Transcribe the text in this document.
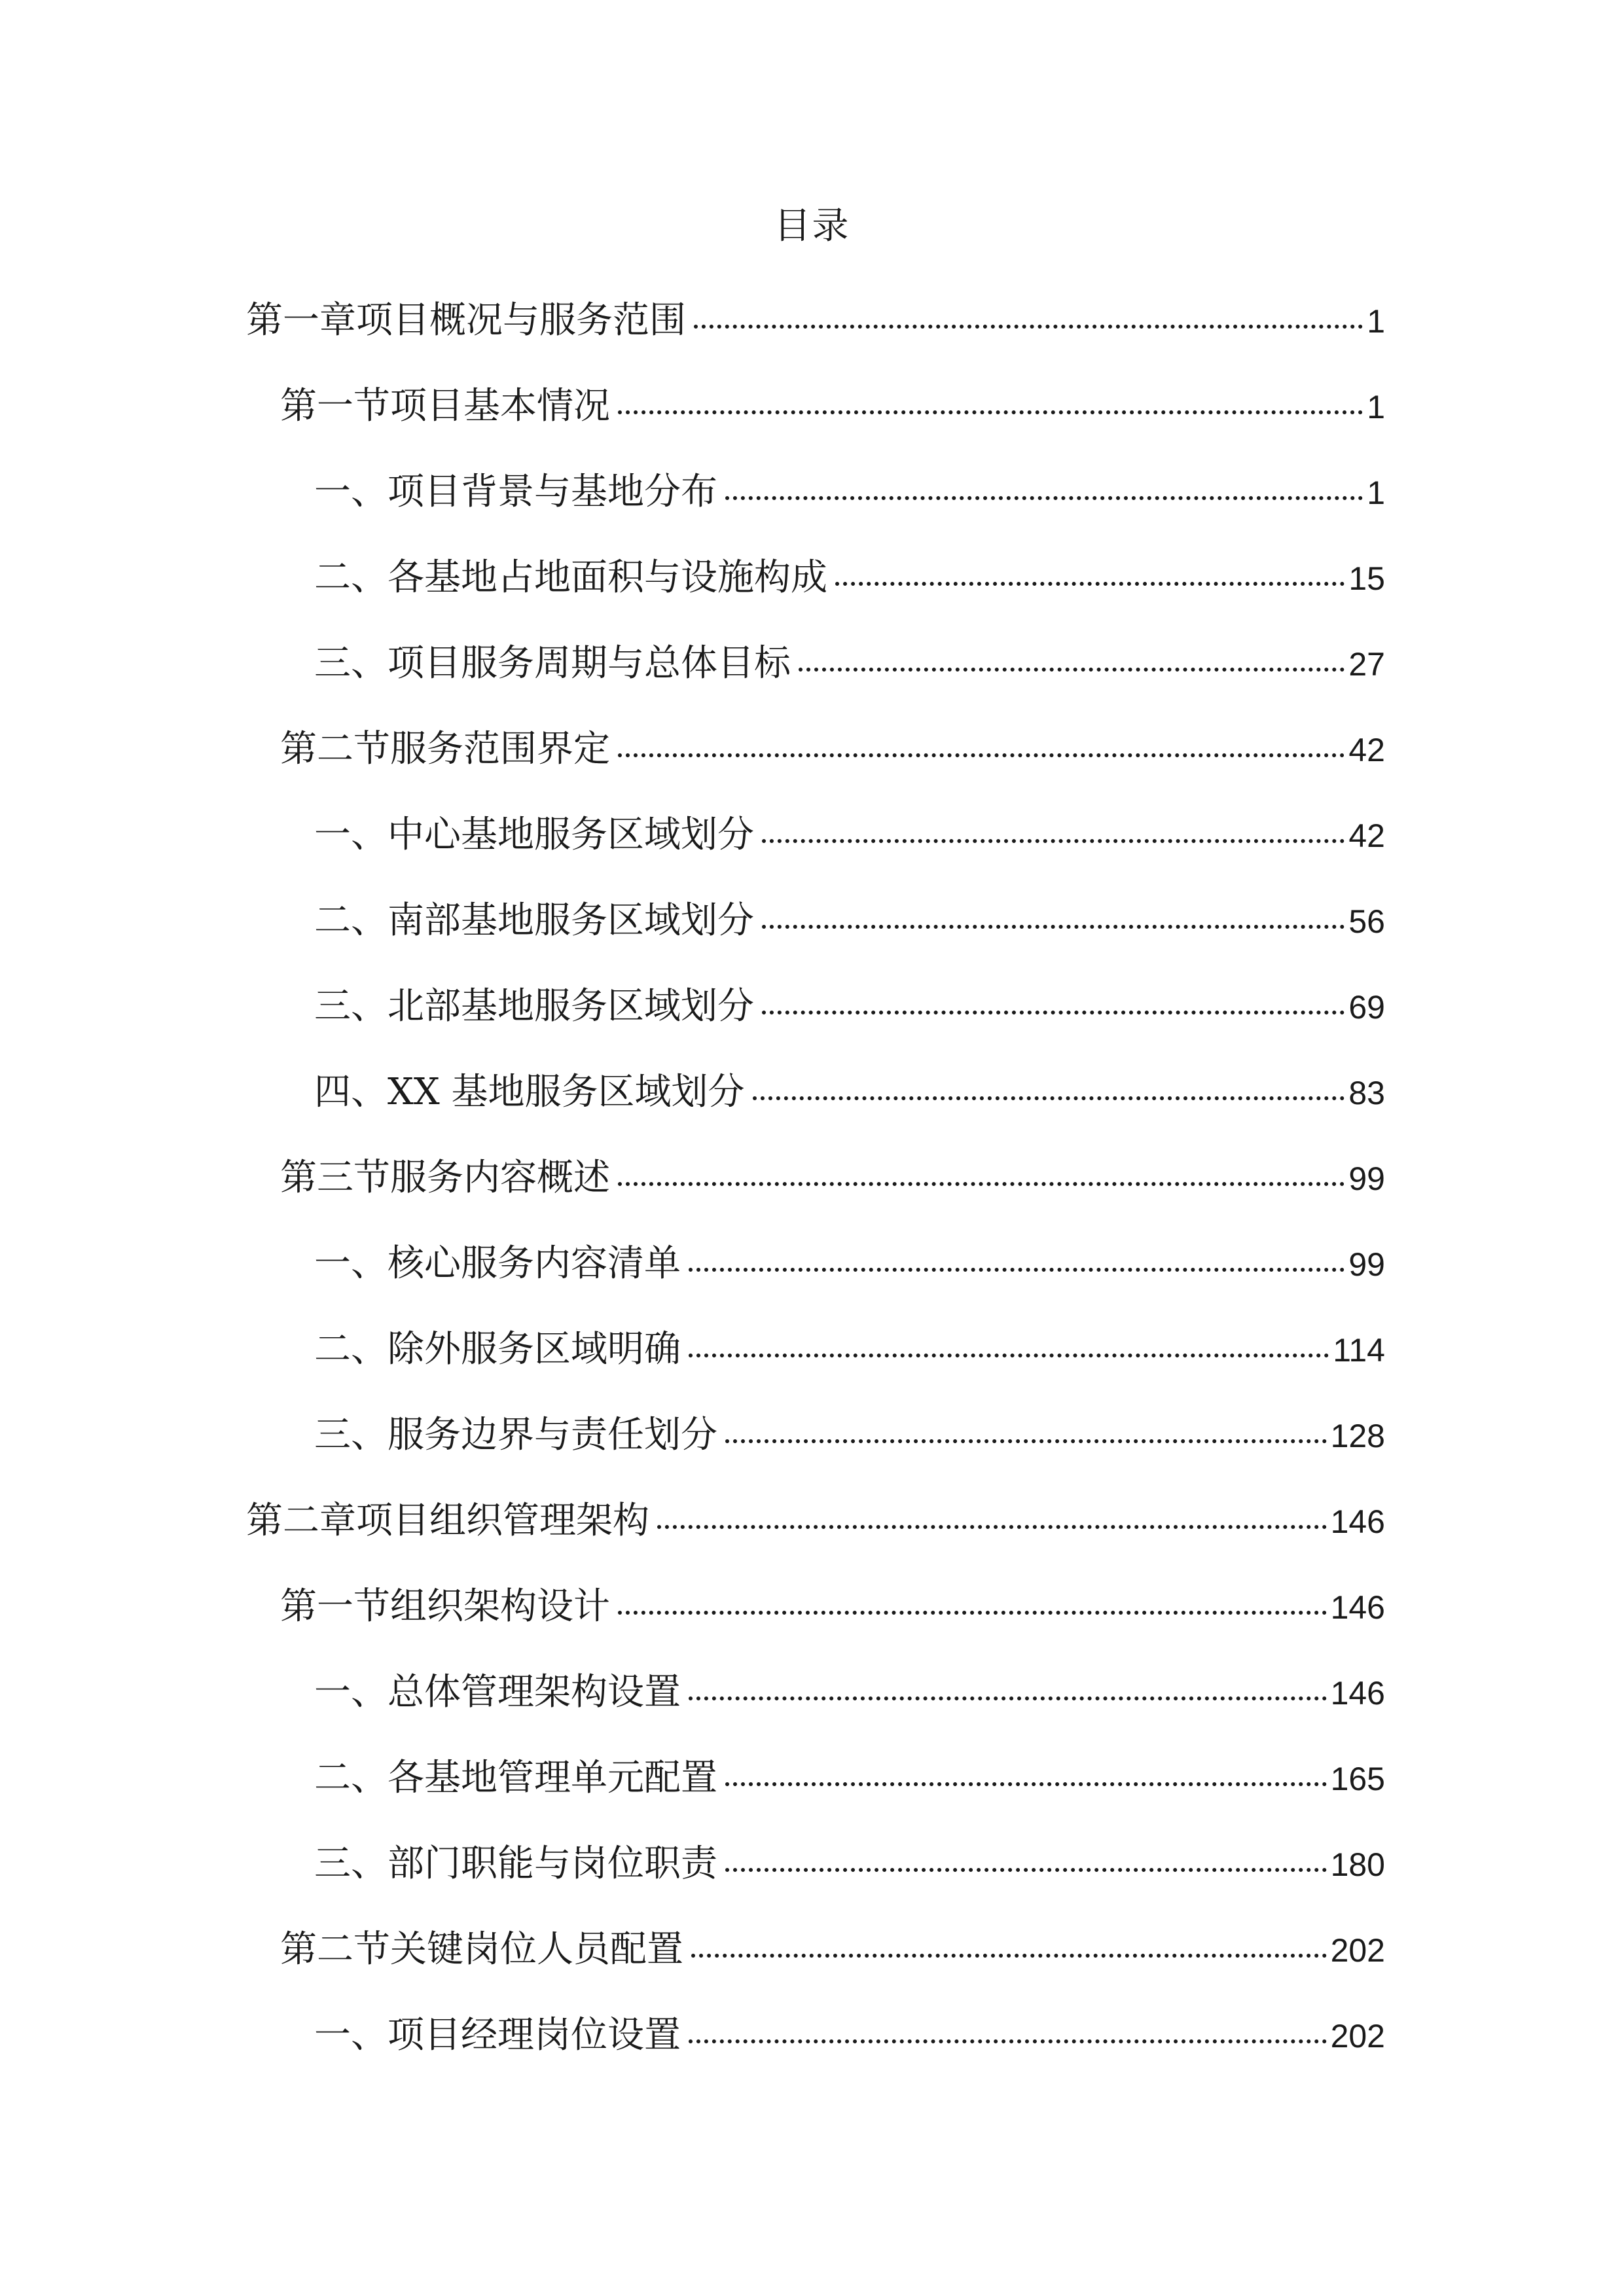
目录
第一章项目概况与服务范围	1
第一节项目基本情况	1
一、项目背景与基地分布	1
二、各基地占地面积与设施构成	15
三、项目服务周期与总体目标	27
第二节服务范围界定	42
一、中心基地服务区域划分	42
二、南部基地服务区域划分	56
三、北部基地服务区域划分	69
四、XX 基地服务区域划分	83
第三节服务内容概述	99
一、核心服务内容清单	99
二、除外服务区域明确	114
三、服务边界与责任划分	128
第二章项目组织管理架构	146
第一节组织架构设计	146
一、总体管理架构设置	146
二、各基地管理单元配置	165
三、部门职能与岗位职责	180
第二节关键岗位人员配置	202
一、项目经理岗位设置	202
